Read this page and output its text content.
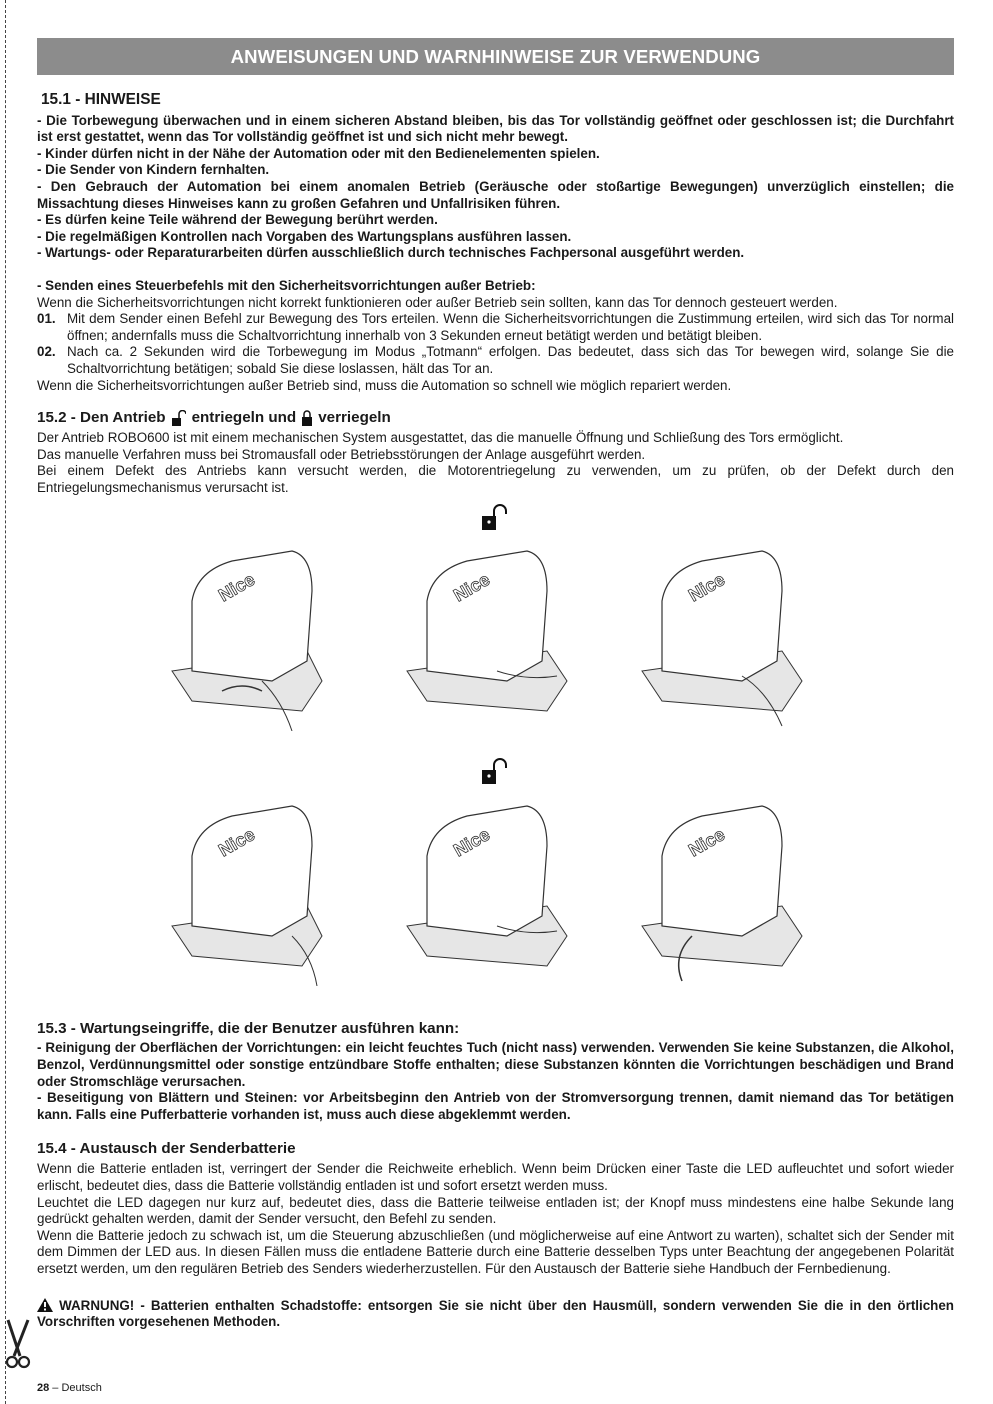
ANWEISUNGEN UND WARNHINWEISE ZUR VERWENDUNG
15.1 - HINWEISE

- Die Torbewegung überwachen und in einem sicheren Abstand bleiben, bis das Tor vollständig geöffnet oder geschlossen ist; die Durchfahrt ist erst gestattet, wenn das Tor vollständig geöffnet ist und sich nicht mehr bewegt.

- Kinder dürfen nicht in der Nähe der Automation oder mit den Bedienelementen spielen.

- Die Sender von Kindern fernhalten.

- Den Gebrauch der Automation bei einem anomalen Betrieb (Geräusche oder stoßartige Bewegungen) unverzüglich einstellen; die Missachtung dieses Hinweises kann zu großen Gefahren und Unfallrisiken führen.

- Es dürfen keine Teile während der Bewegung berührt werden.

- Die regelmäßigen Kontrollen nach Vorgaben des Wartungsplans ausführen lassen.

- Wartungs- oder Reparaturarbeiten dürfen ausschließlich durch technisches Fachpersonal ausgeführt werden.

- Senden eines Steuerbefehls mit den Sicherheitsvorrichtungen außer Betrieb:

Wenn die Sicherheitsvorrichtungen nicht korrekt funktionieren oder außer Betrieb sein sollten, kann das Tor dennoch gesteuert werden.

01. Mit dem Sender einen Befehl zur Bewegung des Tors erteilen. Wenn die Sicherheitsvorrichtungen die Zustimmung erteilen, wird sich das Tor normal öffnen; andernfalls muss die Schaltvorrichtung innerhalb von 3 Sekunden erneut betätigt werden und betätigt bleiben.
02. Nach ca. 2 Sekunden wird die Torbewegung im Modus „Totmann“ erfolgen. Das bedeutet, dass sich das Tor bewegen wird, solange Sie die Schaltvorrichtung betätigen; sobald Sie diese loslassen, hält das Tor an.

Wenn die Sicherheitsvorrichtungen außer Betrieb sind, muss die Automation so schnell wie möglich repariert werden.

15.2 - Den Antrieb entriegeln und verriegeln

Der Antrieb ROBO600 ist mit einem mechanischen System ausgestattet, das die manuelle Öffnung und Schließung des Tors ermöglicht.

Das manuelle Verfahren muss bei Stromausfall oder Betriebsstörungen der Anlage ausgeführt werden.

Bei einem Defekt des Antriebs kann versucht werden, die Motorentriegelung zu verwenden, um zu prüfen, ob der Defekt durch den Entriegelungsmechanismus verursacht ist.

Nice	Nice	Nice
Nice	Nice	Nice
15.3 - Wartungseingriffe, die der Benutzer ausführen kann:

- Reinigung der Oberflächen der Vorrichtungen: ein leicht feuchtes Tuch (nicht nass) verwenden. Verwenden Sie keine Substanzen, die Alkohol, Benzol, Verdünnungsmittel oder sonstige entzündbare Stoffe enthalten; diese Substanzen könnten die Vorrichtungen beschädigen und Brand oder Stromschläge verursachen.

- Beseitigung von Blättern und Steinen: vor Arbeitsbeginn den Antrieb von der Stromversorgung trennen, damit niemand das Tor betätigen kann. Falls eine Pufferbatterie vorhanden ist, muss auch diese abgeklemmt werden.

15.4 - Austausch der Senderbatterie

Wenn die Batterie entladen ist, verringert der Sender die Reichweite erheblich. Wenn beim Drücken einer Taste die LED aufleuchtet und sofort wieder erlischt, bedeutet dies, dass die Batterie vollständig entladen ist und sofort ersetzt werden muss.

Leuchtet die LED dagegen nur kurz auf, bedeutet dies, dass die Batterie teilweise entladen ist; der Knopf muss mindestens eine halbe Sekunde lang gedrückt gehalten werden, damit der Sender versucht, den Befehl zu senden.

Wenn die Batterie jedoch zu schwach ist, um die Steuerung abzuschließen (und möglicherweise auf eine Antwort zu warten), schaltet sich der Sender mit dem Dimmen der LED aus. In diesen Fällen muss die entladene Batterie durch eine Batterie desselben Typs unter Beachtung der angegebenen Polarität ersetzt werden, um den regulären Betrieb des Senders wiederherzustellen. Für den Austausch der Batterie siehe Handbuch der Fernbedienung.

WARNUNG! - Batterien enthalten Schadstoffe: entsorgen Sie sie nicht über den Hausmüll, sondern verwenden Sie die in den örtlichen Vorschriften vorgesehenen Methoden.

28 – Deutsch
